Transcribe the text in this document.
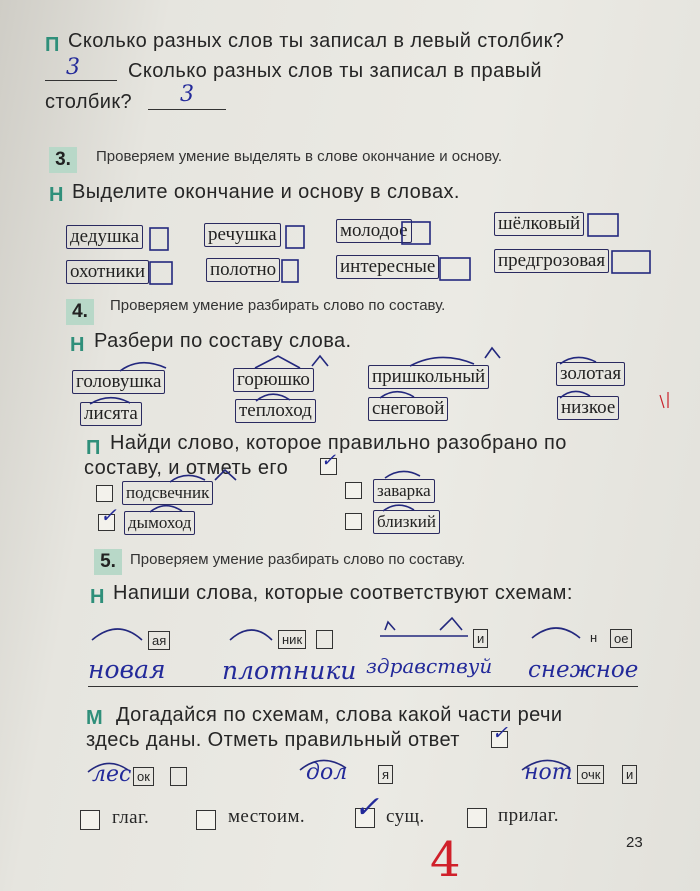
П Сколько разных слов ты записал в левый столбик?
3 Сколько разных слов ты записал в правый
столбик? 3
3.	Проверяем умение выделять в слове окончание и основу.
Н Выделите окончание и основу в словах.
дедушка	речушка	молодое	шёлковый
охотники	полотно	интересные	предгрозовая
4.	Проверяем умение разбирать слово по составу.
Н Разбери по составу слова.
головушка	горюшко	пришкольный	золотая
лисята	теплоход	снеговой	низкое
П Найди слово, которое правильно разобрано по
составу, и отметь его ✓
подсвечник	заварка
✓ дымоход	близкий
5. Проверяем умение разбирать слово по составу.
Н Напиши слова, которые соответствуют схемам:
ая	ник	и	н	ое
новая плотники здравствуй снежное
М Догадайся по схемам, слова какой части речи
здесь даны. Отметь правильный ответ ✓
лес ок	дол	я	нот очк	и
глаг.	местоим. ✓ сущ.	прилаг.
4	23
